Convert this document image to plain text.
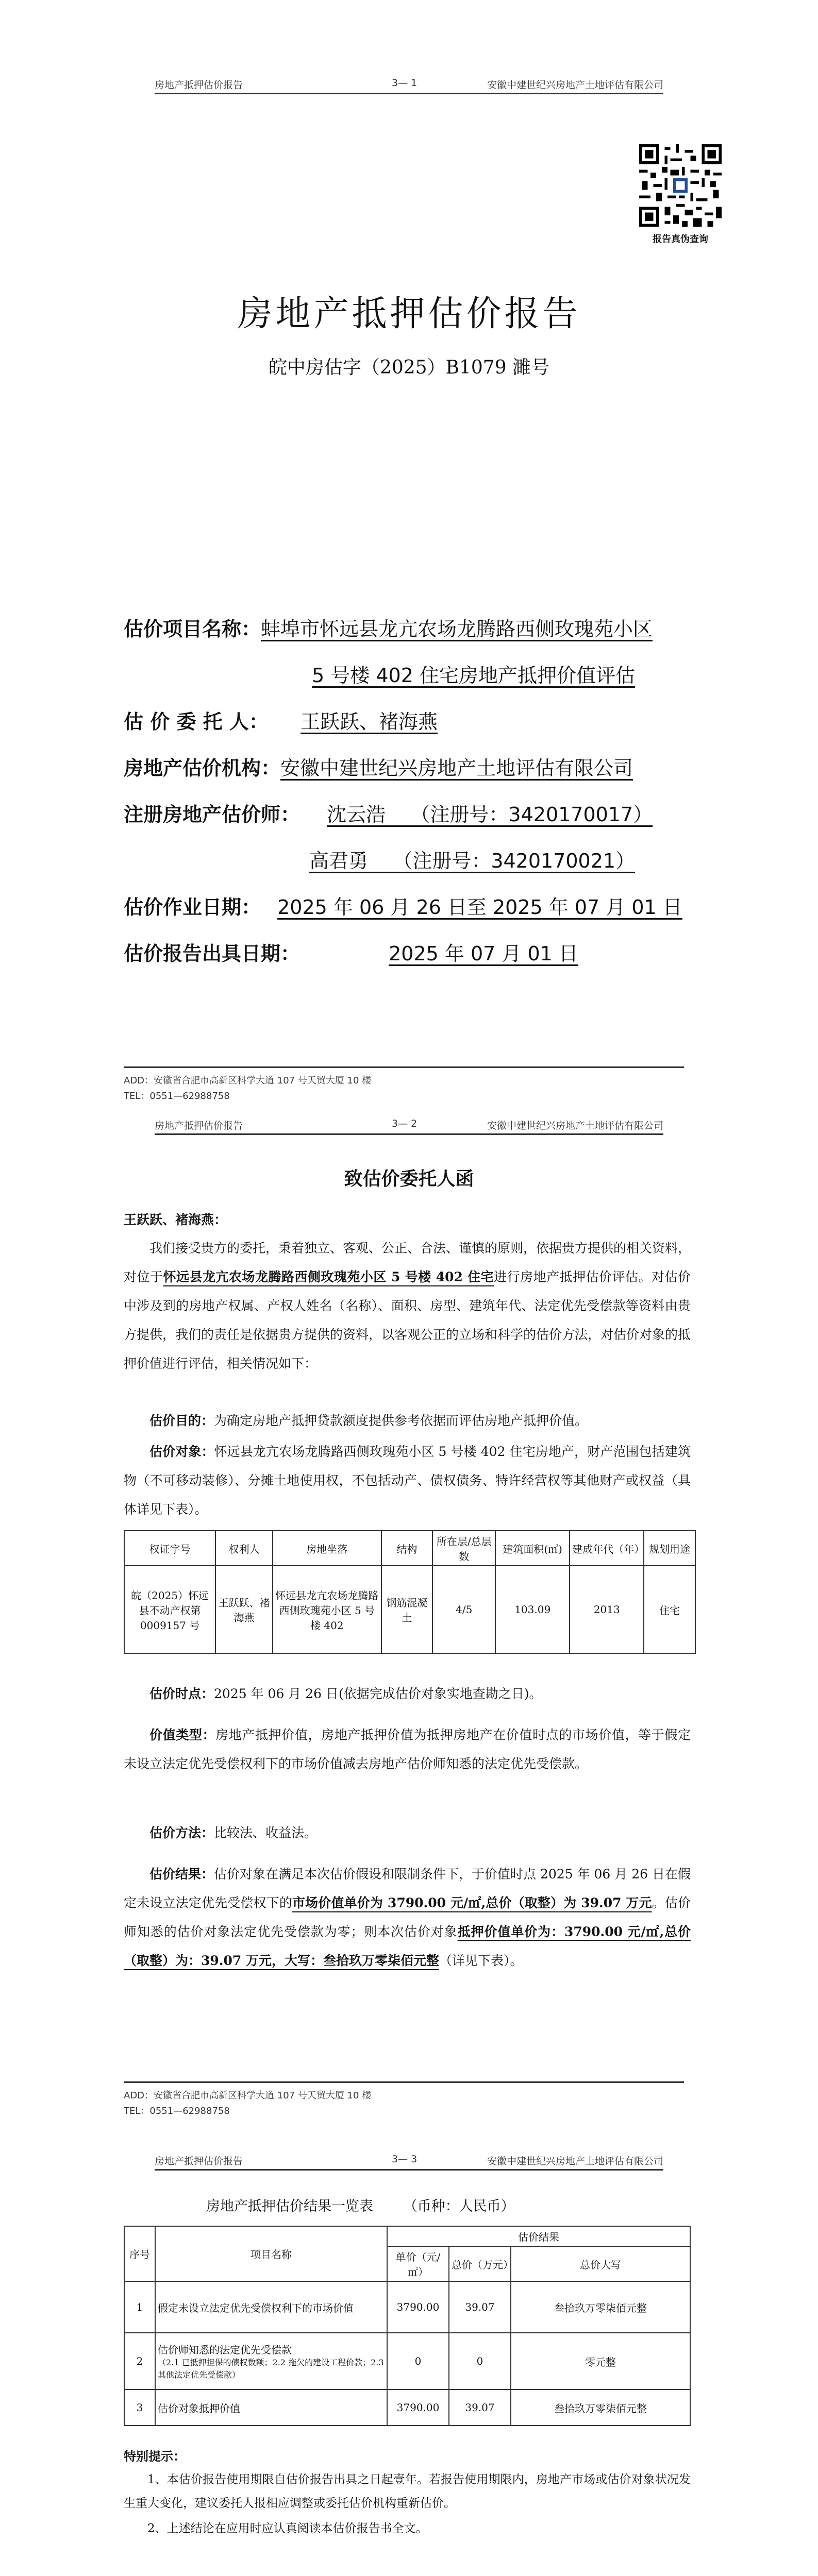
房地产抵押估价报告	3— 1	安徽中建世纪兴房地产土地评估有限公司
报告真伪查询
房地产抵押估价报告
皖中房估字（2025）B1079 濉号
估价项目名称：蚌埠市怀远县龙亢农场龙腾路西侧玫瑰苑小区
5 号楼 402 住宅房地产抵押价值评估
估 价 委 托 人： 王跃跃、褚海燕
房地产估价机构：安徽中建世纪兴房地产土地评估有限公司
注册房地产估价师： 沈云浩    （注册号：3420170017）
高君勇    （注册号：3420170021）
估价作业日期： 2025 年 06 月 26 日至 2025 年 07 月 01 日
估价报告出具日期：	2025 年 07 月 01 日
ADD：安徽省合肥市高新区科学大道 107 号天贸大厦 10 楼
TEL：0551—62988758
房地产抵押估价报告	3— 2	安徽中建世纪兴房地产土地评估有限公司
致估价委托人函
王跃跃、褚海燕：
我们接受贵方的委托，秉着独立、客观、公正、合法、谨慎的原则，依据贵方提供的相关资料，对位于怀远县龙亢农场龙腾路西侧玫瑰苑小区 5 号楼 402 住宅进行房地产抵押估价评估。对估价中涉及到的房地产权属、产权人姓名（名称）、面积、房型、建筑年代、法定优先受偿款等资料由贵方提供，我们的责任是依据贵方提供的资料，以客观公正的立场和科学的估价方法，对估价对象的抵押价值进行评估，相关情况如下：
估价目的：为确定房地产抵押贷款额度提供参考依据而评估房地产抵押价值。
估价对象：怀远县龙亢农场龙腾路西侧玫瑰苑小区 5 号楼 402 住宅房地产，财产范围包括建筑物（不可移动装修）、分摊土地使用权，不包括动产、债权债务、特许经营权等其他财产或权益（具体详见下表）。
权证字号	权利人	房地坐落	结构	所在层/总层数	建筑面积(㎡)	建成年代（年）	规划用途
皖（2025）怀远县不动产权第 0009157 号	王跃跃、褚海燕	怀远县龙亢农场龙腾路西侧玫瑰苑小区 5 号楼 402	钢筋混凝土	4/5	103.09	2013	住宅
估价时点：2025 年 06 月 26 日(依据完成估价对象实地查勘之日)。
价值类型：房地产抵押价值，房地产抵押价值为抵押房地产在价值时点的市场价值，等于假定未设立法定优先受偿权利下的市场价值减去房地产估价师知悉的法定优先受偿款。
估价方法：比较法、收益法。
估价结果：估价对象在满足本次估价假设和限制条件下，于价值时点 2025 年 06 月 26 日在假定未设立法定优先受偿权下的市场价值单价为 3790.00 元/㎡,总价（取整）为 39.07 万元。估价师知悉的估价对象法定优先受偿款为零；则本次估价对象抵押价值单价为：3790.00 元/㎡,总价（取整）为：39.07 万元，大写：叁拾玖万零柒佰元整（详见下表）。
ADD：安徽省合肥市高新区科学大道 107 号天贸大厦 10 楼
TEL：0551—62988758
房地产抵押估价报告	3— 3	安徽中建世纪兴房地产土地评估有限公司
房地产抵押估价结果一览表 （币种：人民币）
序号	项目名称	估价结果		
		单价（元/㎡）	总价（万元）	总价大写
1	假定未设立法定优先受偿权利下的市场价值	3790.00	39.07	叁拾玖万零柒佰元整
2	估价师知悉的法定优先受偿款
（2.1 已抵押担保的债权数额；2.2 拖欠的建设工程价款；2.3 其他法定优先受偿款）	0	0	零元整
3	估价对象抵押价值	3790.00	39.07	叁拾玖万零柒佰元整
特别提示：
1、本估价报告使用期限自估价报告出具之日起壹年。若报告使用期限内，房地产市场或估价对象状况发生重大变化，建议委托人报相应调整或委托估价机构重新估价。
2、上述结论在应用时应认真阅读本估价报告书全文。
